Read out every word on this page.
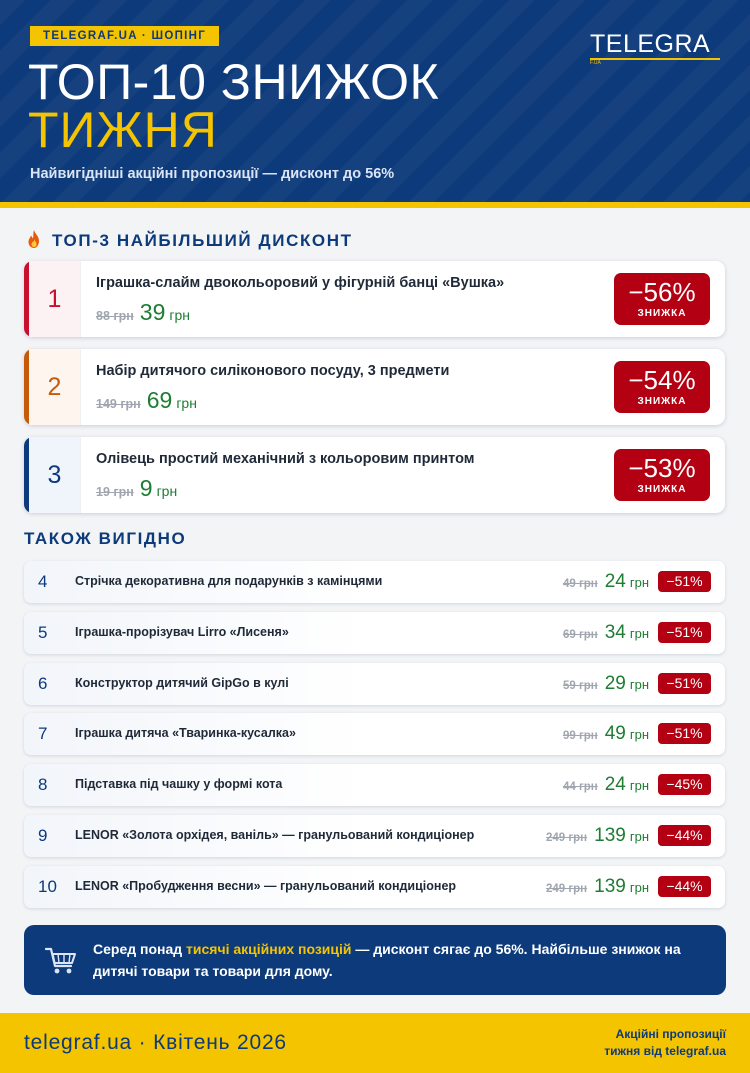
TELEGRAF.UA · ШОПІНГ	TELEGRA
F.UA
ТОП-10 ЗНИЖОК
ТИЖНЯ
Найвигідніші акційні пропозиції — дисконт до 56%
ТОП-3 НАЙБІЛЬШИЙ ДИСКОНТ
1
Іграшка-слайм двокольоровий у фігурній банці «Вушка»
88 грн 39 грн
−56%
ЗНИЖКА
2
Набір дитячого силіконового посуду, 3 предмети
149 грн 69 грн
−54%
ЗНИЖКА
3
Олівець простий механічний з кольоровим принтом
19 грн 9 грн
−53%
ЗНИЖКА
ТАКОЖ ВИГІДНО
4 Стрічка декоративна для подарунків з камінцями	49 грн 24 грн	−51%
5 Іграшка-прорізувач Lirro «Лисеня»	69 грн 34 грн	−51%
6 Конструктор дитячий GipGo в кулі	59 грн 29 грн	−51%
7 Іграшка дитяча «Тваринка-кусалка»	99 грн 49 грн	−51%
8 Підставка під чашку у формі кота	44 грн 24 грн	−45%
9 LENOR «Золота орхідея, ваніль» — гранульований кондиціонер	249 грн 139 грн	−44%
10 LENOR «Пробудження весни» — гранульований кондиціонер	249 грн 139 грн	−44%
Серед понад тисячі акційних позицій — дисконт сягає до 56%. Найбільше знижок на дитячі товари та товари для дому.
telegraf.ua · Квітень 2026	Акційні пропозиції
тижня від telegraf.ua
